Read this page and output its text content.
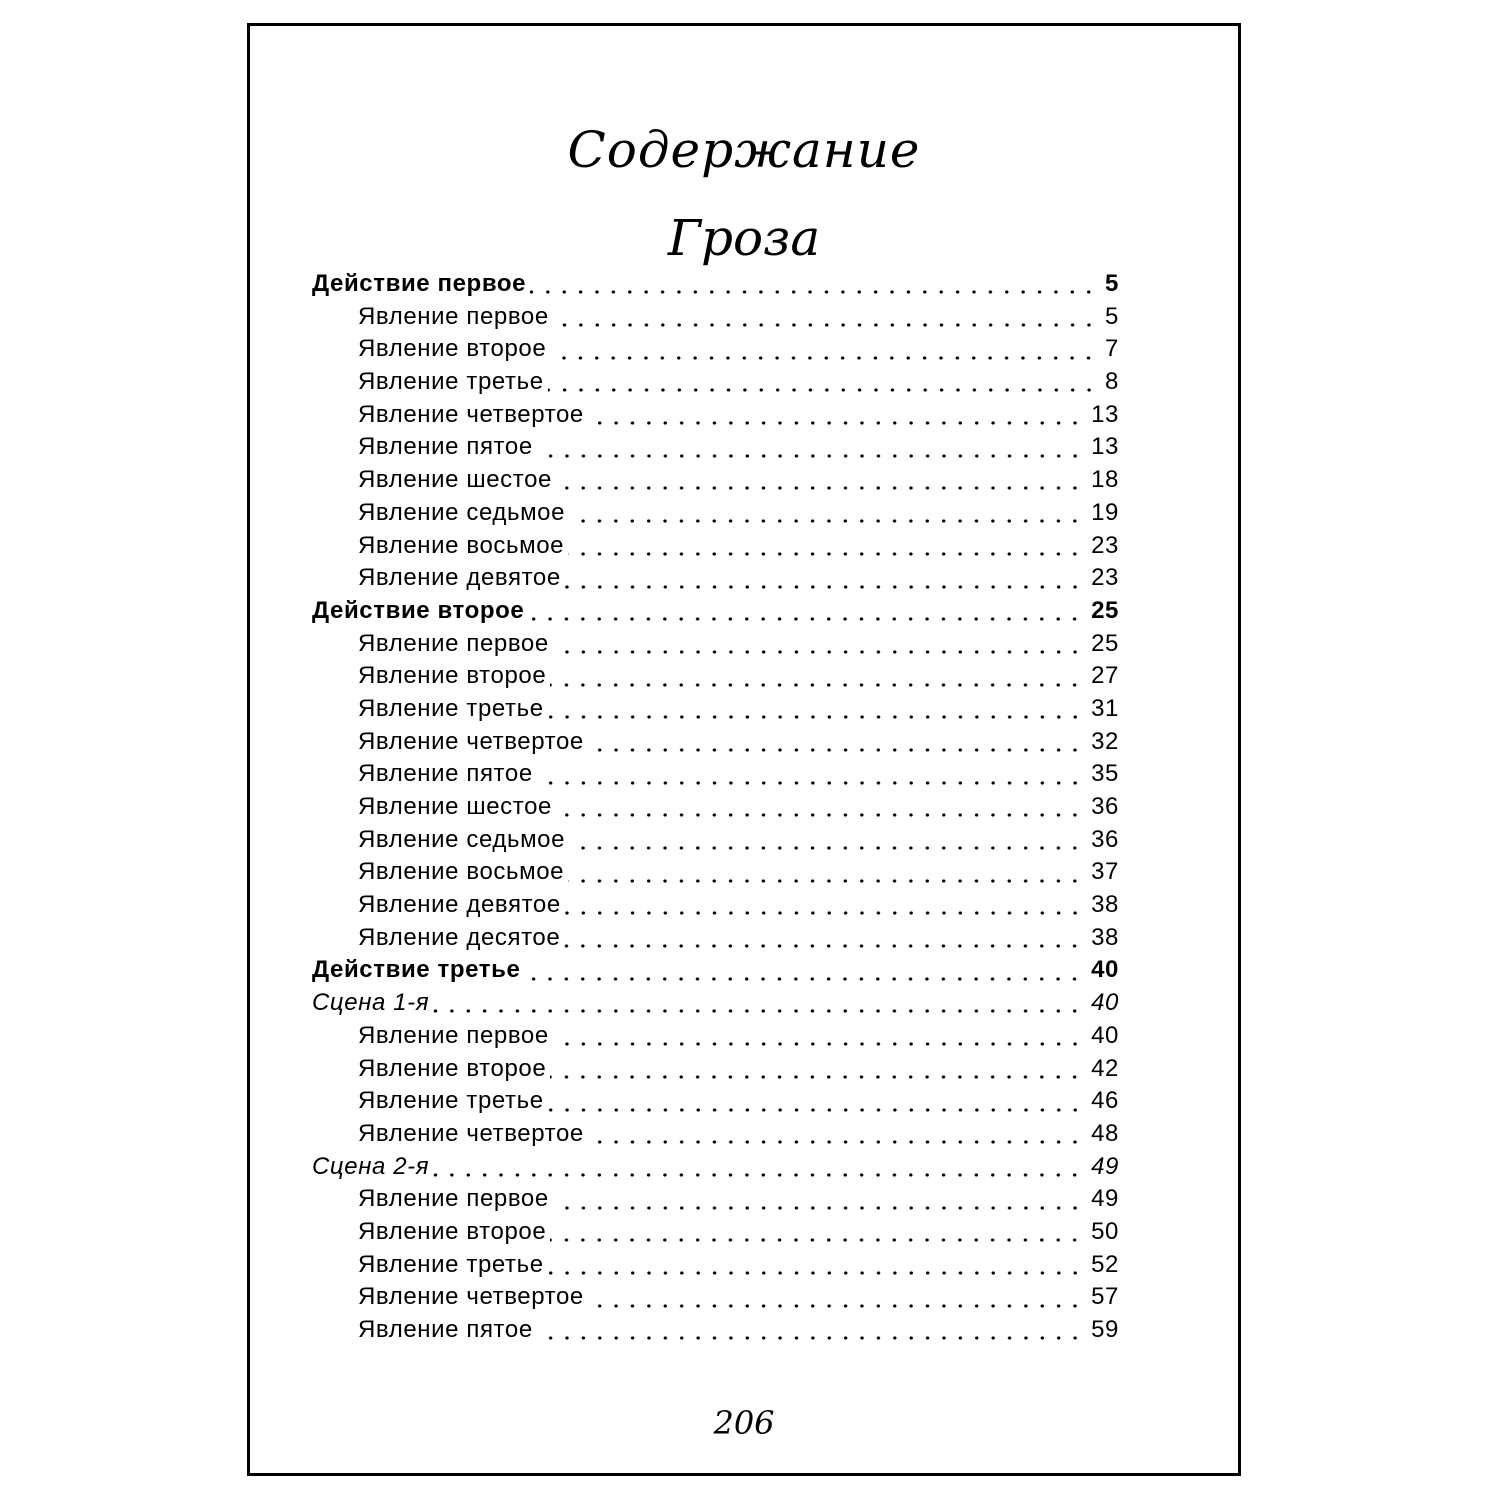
Содержание
Гроза
206
Действие первое	5
Явление первое	5
Явление второе	7
Явление третье	8
Явление четвертое	13
Явление пятое	13
Явление шестое	18
Явление седьмое	19
Явление восьмое	23
Явление девятое	23
Действие второе	25
Явление первое	25
Явление второе	27
Явление третье	31
Явление четвертое	32
Явление пятое	35
Явление шестое	36
Явление седьмое	36
Явление восьмое	37
Явление девятое	38
Явление десятое	38
Действие третье	40
Сцена 1-я	40
Явление первое	40
Явление второе	42
Явление третье	46
Явление четвертое	48
Сцена 2-я	49
Явление первое	49
Явление второе	50
Явление третье	52
Явление четвертое	57
Явление пятое	59
